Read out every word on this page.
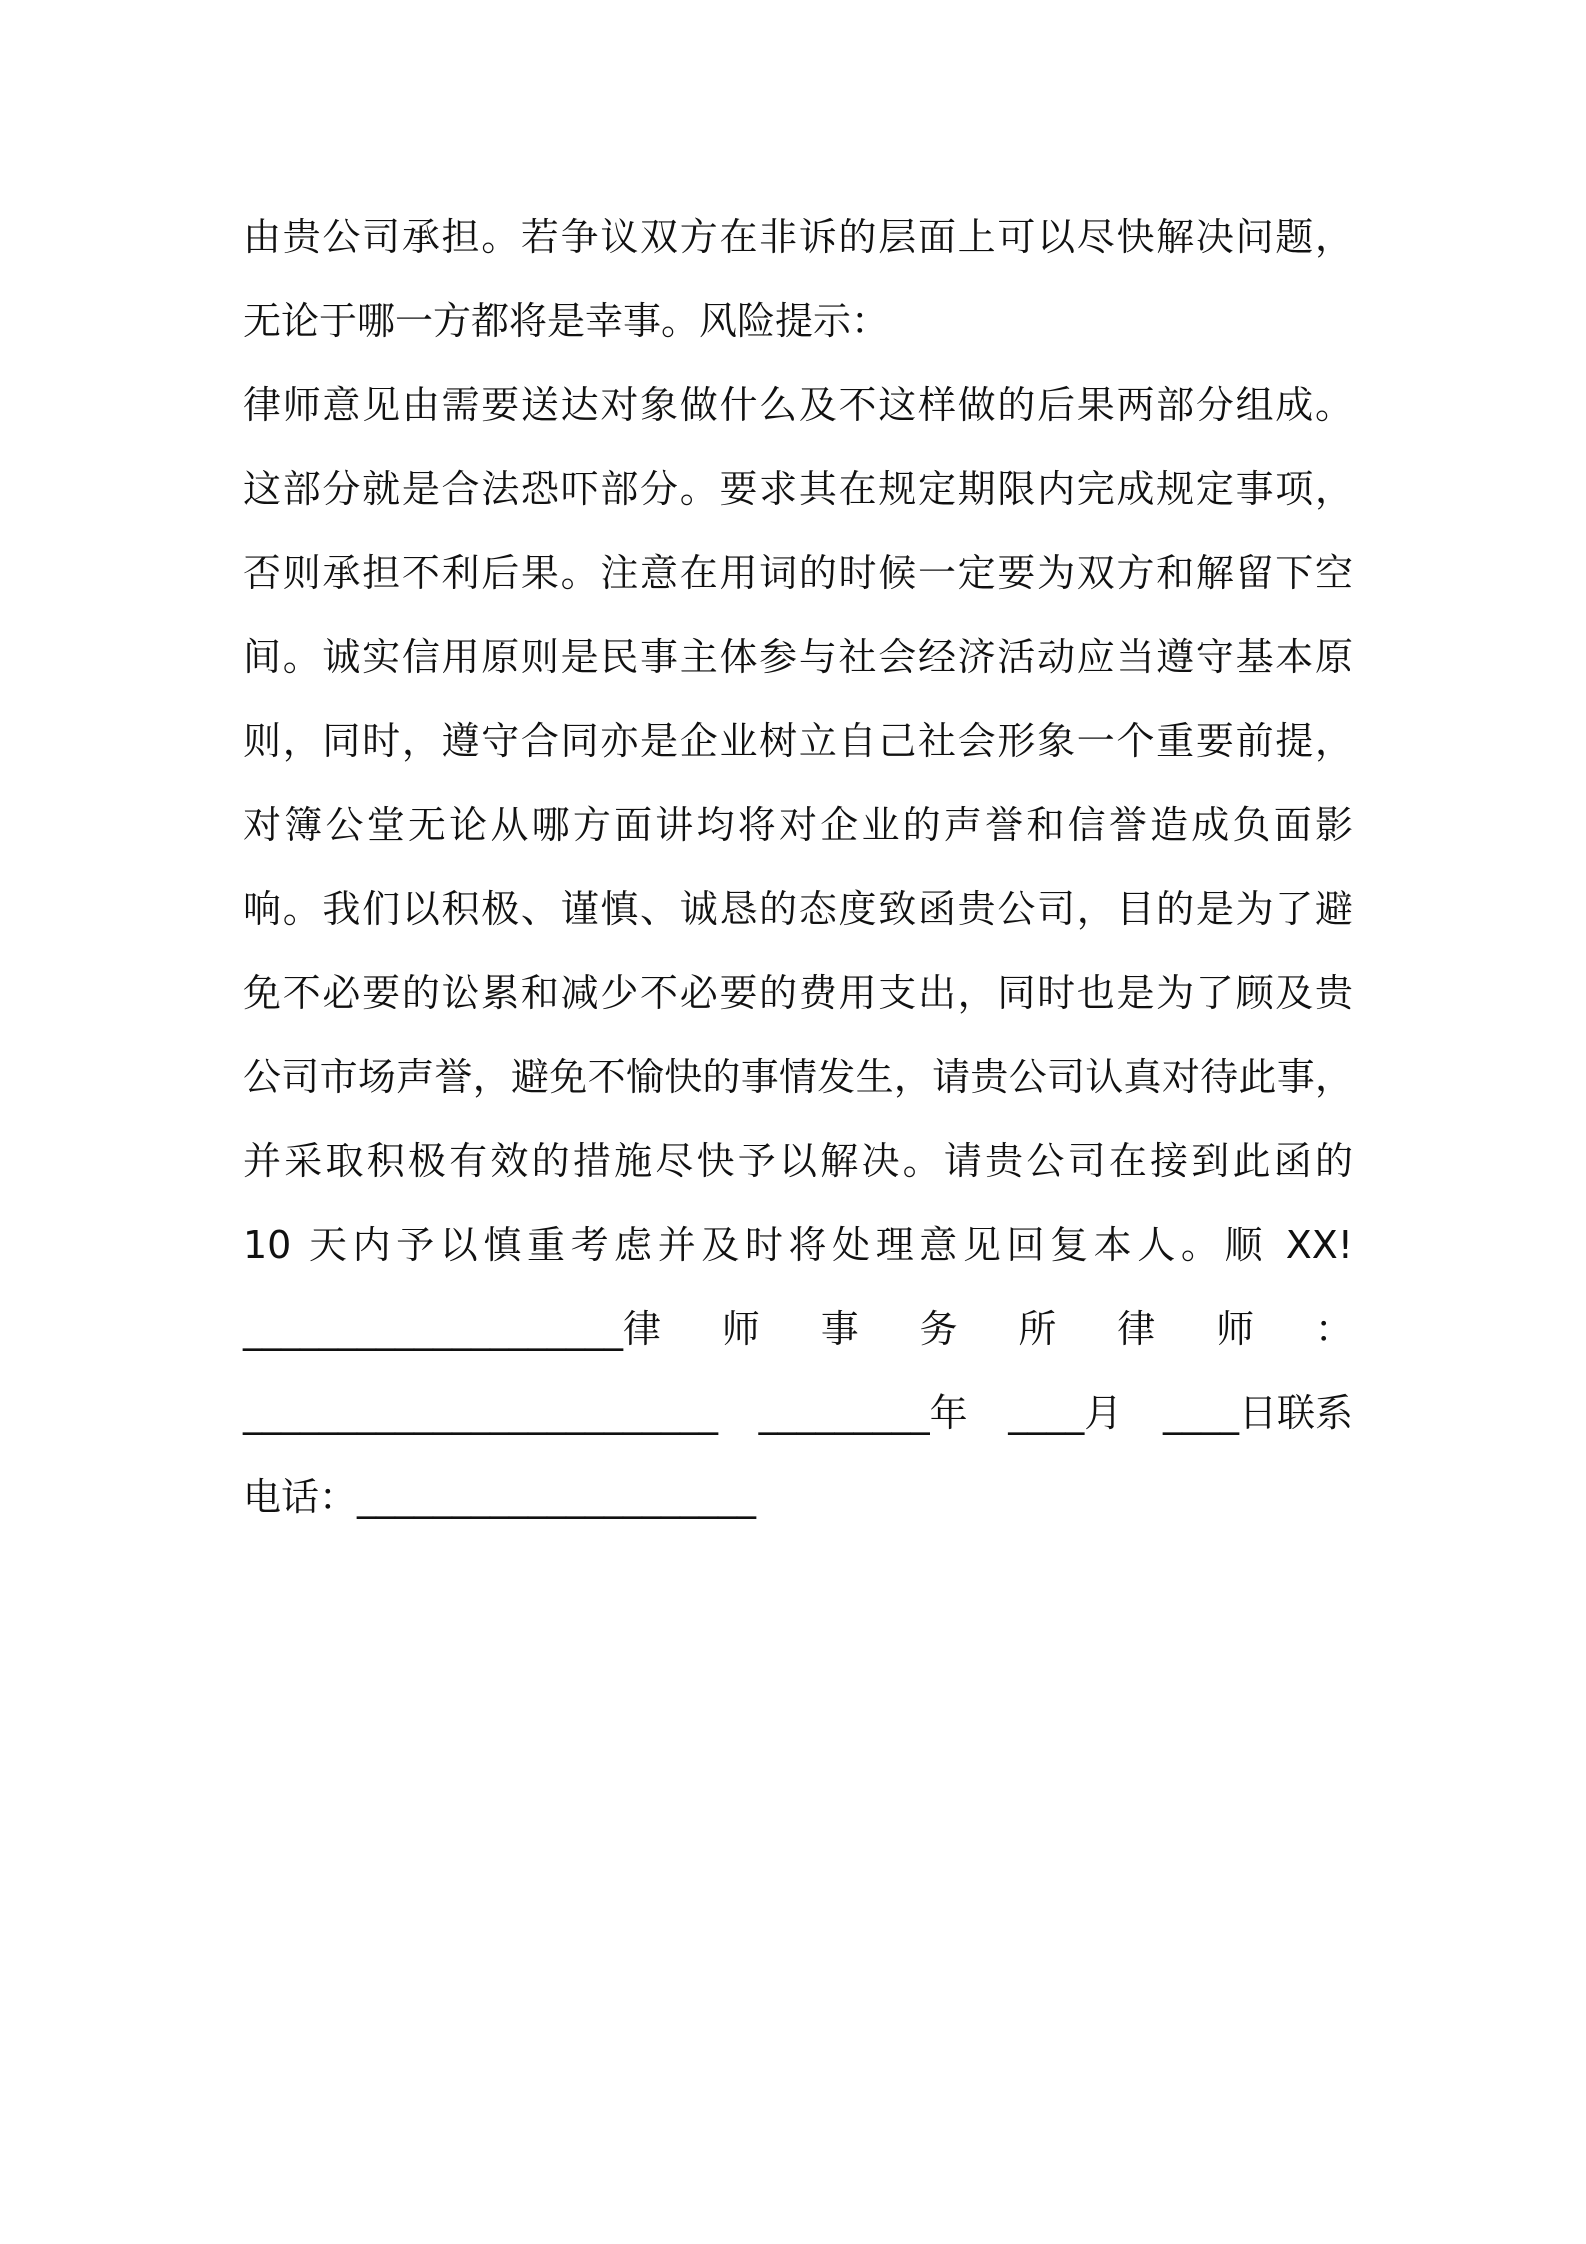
由贵公司承担。若争议双方在非诉的层面上可以尽快解决问题，
无论于哪一方都将是幸事。风险提示：
律师意见由需要送达对象做什么及不这样做的后果两部分组成。
这部分就是合法恐吓部分。要求其在规定期限内完成规定事项，
否则承担不利后果。注意在用词的时候一定要为双方和解留下空
间。诚实信用原则是民事主体参与社会经济活动应当遵守基本原
则，同时，遵守合同亦是企业树立自己社会形象一个重要前提，
对簿公堂无论从哪方面讲均将对企业的声誉和信誉造成负面影
响。我们以积极、谨慎、诚恳的态度致函贵公司，目的是为了避
免不必要的讼累和减少不必要的费用支出，同时也是为了顾及贵
公司市场声誉，避免不愉快的事情发生，请贵公司认真对待此事，
并采取积极有效的措施尽快予以解决。请贵公司在接到此函的
10 天内予以慎重考虑并及时将处理意见回复本人。顺 XX!
____________________律 师 事 务 所 律 师 ：
_________________________ _________年 ____月 ____日联系
电话：_____________________
